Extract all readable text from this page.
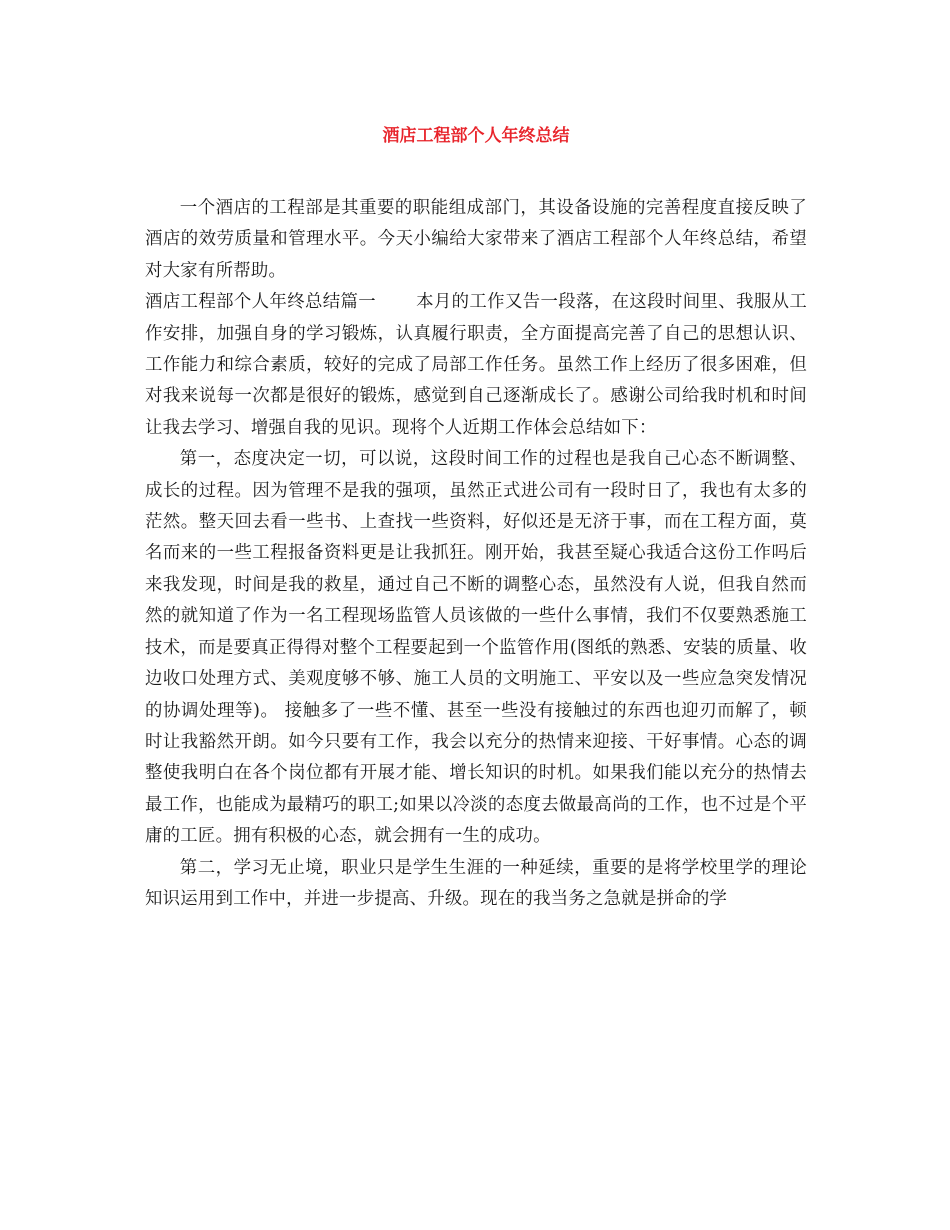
酒店工程部个人年终总结

一个酒店的工程部是其重要的职能组成部门，其设备设施的完善程度直接反映了酒店的效劳质量和管理水平。今天小编给大家带来了酒店工程部个人年终总结，希望对大家有所帮助。

酒店工程部个人年终总结篇一 本月的工作又告一段落，在这段时间里、我服从工作安排，加强自身的学习锻炼，认真履行职责，全方面提高完善了自己的思想认识、工作能力和综合素质，较好的完成了局部工作任务。虽然工作上经历了很多困难，但对我来说每一次都是很好的锻炼，感觉到自己逐渐成长了。感谢公司给我时机和时间让我去学习、增强自我的见识。现将个人近期工作体会总结如下：

第一，态度决定一切，可以说，这段时间工作的过程也是我自己心态不断调整、成长的过程。因为管理不是我的强项，虽然正式进公司有一段时日了，我也有太多的茫然。整天回去看一些书、上查找一些资料，好似还是无济于事，而在工程方面，莫名而来的一些工程报备资料更是让我抓狂。刚开始，我甚至疑心我适合这份工作吗后来我发现，时间是我的救星，通过自己不断的调整心态，虽然没有人说，但我自然而然的就知道了作为一名工程现场监管人员该做的一些什么事情，我们不仅要熟悉施工技术，而是要真正得得对整个工程要起到一个监管作用(图纸的熟悉、安装的质量、收边收口处理方式、美观度够不够、施工人员的文明施工、平安以及一些应急突发情况的协调处理等)。 接触多了一些不懂、甚至一些没有接触过的东西也迎刃而解了，顿时让我豁然开朗。如今只要有工作，我会以充分的热情来迎接、干好事情。心态的调整使我明白在各个岗位都有开展才能、增长知识的时机。如果我们能以充分的热情去最工作，也能成为最精巧的职工;如果以冷淡的态度去做最高尚的工作，也不过是个平庸的工匠。拥有积极的心态，就会拥有一生的成功。

第二，学习无止境，职业只是学生生涯的一种延续，重要的是将学校里学的理论知识运用到工作中，并进一步提高、升级。现在的我当务之急就是拼命的学
